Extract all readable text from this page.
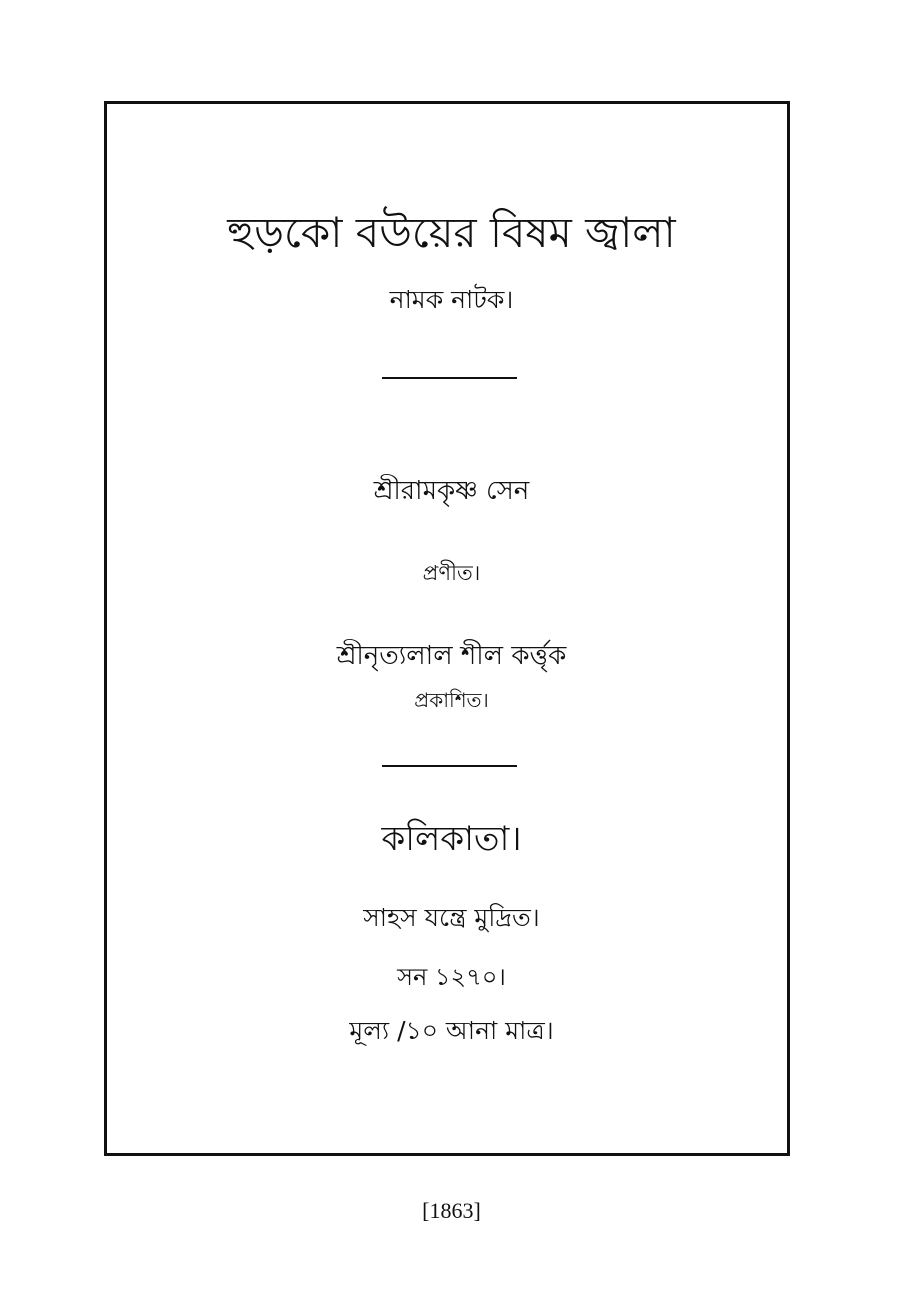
হুড়কো বউয়ের বিষম জ্বালা
নামক নাটক।
শ্রীরামকৃষ্ণ সেন
প্রণীত।
শ্রীনৃত্যলাল শীল কর্ত্তৃক
প্রকাশিত।
কলিকাতা।
সাহস যন্ত্রে মুদ্রিত।
সন ১২৭০।
মূল্য /১০ আনা মাত্র।
[1863]
